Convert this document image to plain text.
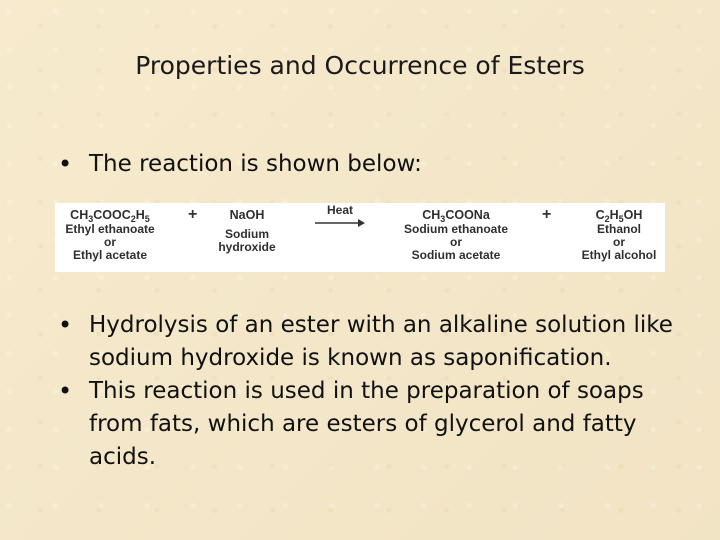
Properties and Occurrence of Esters
• The reaction is shown below:
$CH_3COOC_2H_5$
Ethyl ethanoate
or
Ethyl acetate
+	NaOH
Sodium
hydroxide
Heat	$CH_3COONa$
Sodium ethanoate
or
Sodium acetate
+	$C_2H_5OH$
Ethanol
or
Ethyl alcohol
• Hydrolysis of an ester with an alkaline solution like sodium hydroxide is known as saponification.
• This reaction is used in the preparation of soaps from fats, which are esters of glycerol and fatty acids.
